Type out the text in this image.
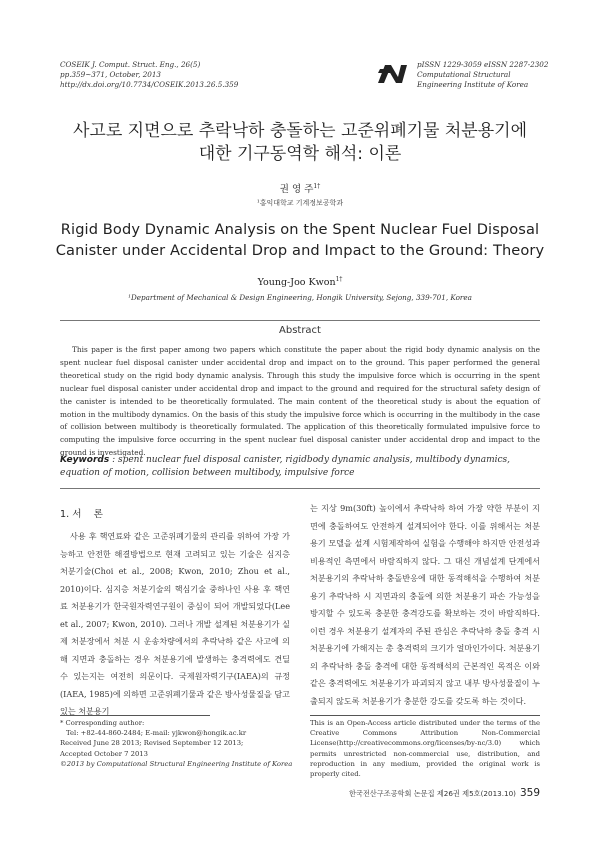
COSEIK J. Comput. Struct. Eng., 26(5)
pp.359~371, October, 2013
http://dx.doi.org/10.7734/COSEIK.2013.26.5.359
pISSN 1229-3059 eISSN 2287-2302
Computational Structural
Engineering Institute of Korea
사고로 지면으로 추락낙하 충돌하는 고준위폐기물 처분용기에
대한 기구동역학 해석: 이론
권 영 주$^{1\dagger}$
¹홍익대학교 기계정보공학과
Rigid Body Dynamic Analysis on the Spent Nuclear Fuel Disposal
Canister under Accidental Drop and Impact to the Ground: Theory
Young-Joo Kwon$^{1\dagger}$
¹Department of Mechanical & Design Engineering, Hongik University, Sejong, 339-701, Korea
Abstract
This paper is the first paper among two papers which constitute the paper about the rigid body dynamic analysis on the spent nuclear fuel disposal canister under accidental drop and impact on to the ground. This paper performed the general theoretical study on the rigid body dynamic analysis. Through this study the impulsive force which is occurring in the spent nuclear fuel disposal canister under accidental drop and impact to the ground and required for the structural safety design of the canister is intended to be theoretically formulated. The main content of the theoretical study is about the equation of motion in the multibody dynamics. On the basis of this study the impulsive force which is occurring in the multibody in the case of collision between multibody is theoretically formulated. The application of this theoretically formulated impulsive force to computing the impulsive force occurring in the spent nuclear fuel disposal canister under accidental drop and impact to the ground is investigated.
Keywords : spent nuclear fuel disposal canister, rigidbody dynamic analysis, multibody dynamics, equation of motion, collision between multibody, impulsive force
1. 서    론
사용 후 핵연료와 같은 고준위폐기물의 관리를 위하여 가장 가능하고 안전한 해결방법으로 현재 고려되고 있는 기술은 심지층 처분기술(Choi et al., 2008; Kwon, 2010; Zhou et al., 2010)이다. 심지층 처분기술의 핵심기술 중하나인 사용 후 핵연료 처분용기가 한국원자력연구원이 중심이 되어 개발되었다(Lee et al., 2007; Kwon, 2010). 그러나 개발 설계된 처분용기가 실제 처분장에서 처분 시 운송차량에서의 추락낙하 같은 사고에 의해 지면과 충돌하는 경우 처분용기에 발생하는 충격력에도 견딜 수 있는지는 여전히 의문이다. 국제원자력기구(IAEA)의 규정(IAEA, 1985)에 의하면 고준위폐기물과 같은 방사성물질을 담고 있는 처분용기
는 지상 9m(30ft) 높이에서 추락낙하 하여 가장 약한 부분이 지면에 충돌하여도 안전하게 설계되어야 한다. 이를 위해서는 처분용기 모델을 설계 시험제작하여 실험을 수행해야 하지만 안전성과 비용적인 측면에서 바람직하지 않다. 그 대신 개념설계 단계에서 처분용기의 추락낙하 충돌반응에 대한 동적해석을 수행하여 처분용기 추락낙하 시 지면과의 충돌에 의한 처분용기 파손 가능성을 방지할 수 있도록 충분한 충격강도를 확보하는 것이 바람직하다. 이런 경우 처분용기 설계자의 주된 관심은 추락낙하 충돌 충격 시 처분용기에 가해지는 총 충격력의 크기가 얼마인가이다. 처분용기의 추락낙하 충돌 충격에 대한 동적해석의 근본적인 목적은 이와 같은 충격력에도 처분용기가 파괴되지 않고 내부 방사성물질이 누출되지 않도록 처분용기가 충분한 강도를 갖도록 하는 것이다.
* Corresponding author:
Tel: +82-44-860-2484; E-mail: yjkwon@hongik.ac.kr
Received June 28 2013; Revised September 12 2013;
Accepted October 7 2013
©2013 by Computational Structural Engineering Institute of Korea
This is an Open-Access article distributed under the terms of the Creative Commons Attribution Non-Commercial License(http://creativecommons.org/licenses/by-nc/3.0) which permits unrestricted non-commercial use, distribution, and reproduction in any medium, provided the original work is properly cited.
한국전산구조공학회 논문집 제26권 제5호(2013.10) 359
